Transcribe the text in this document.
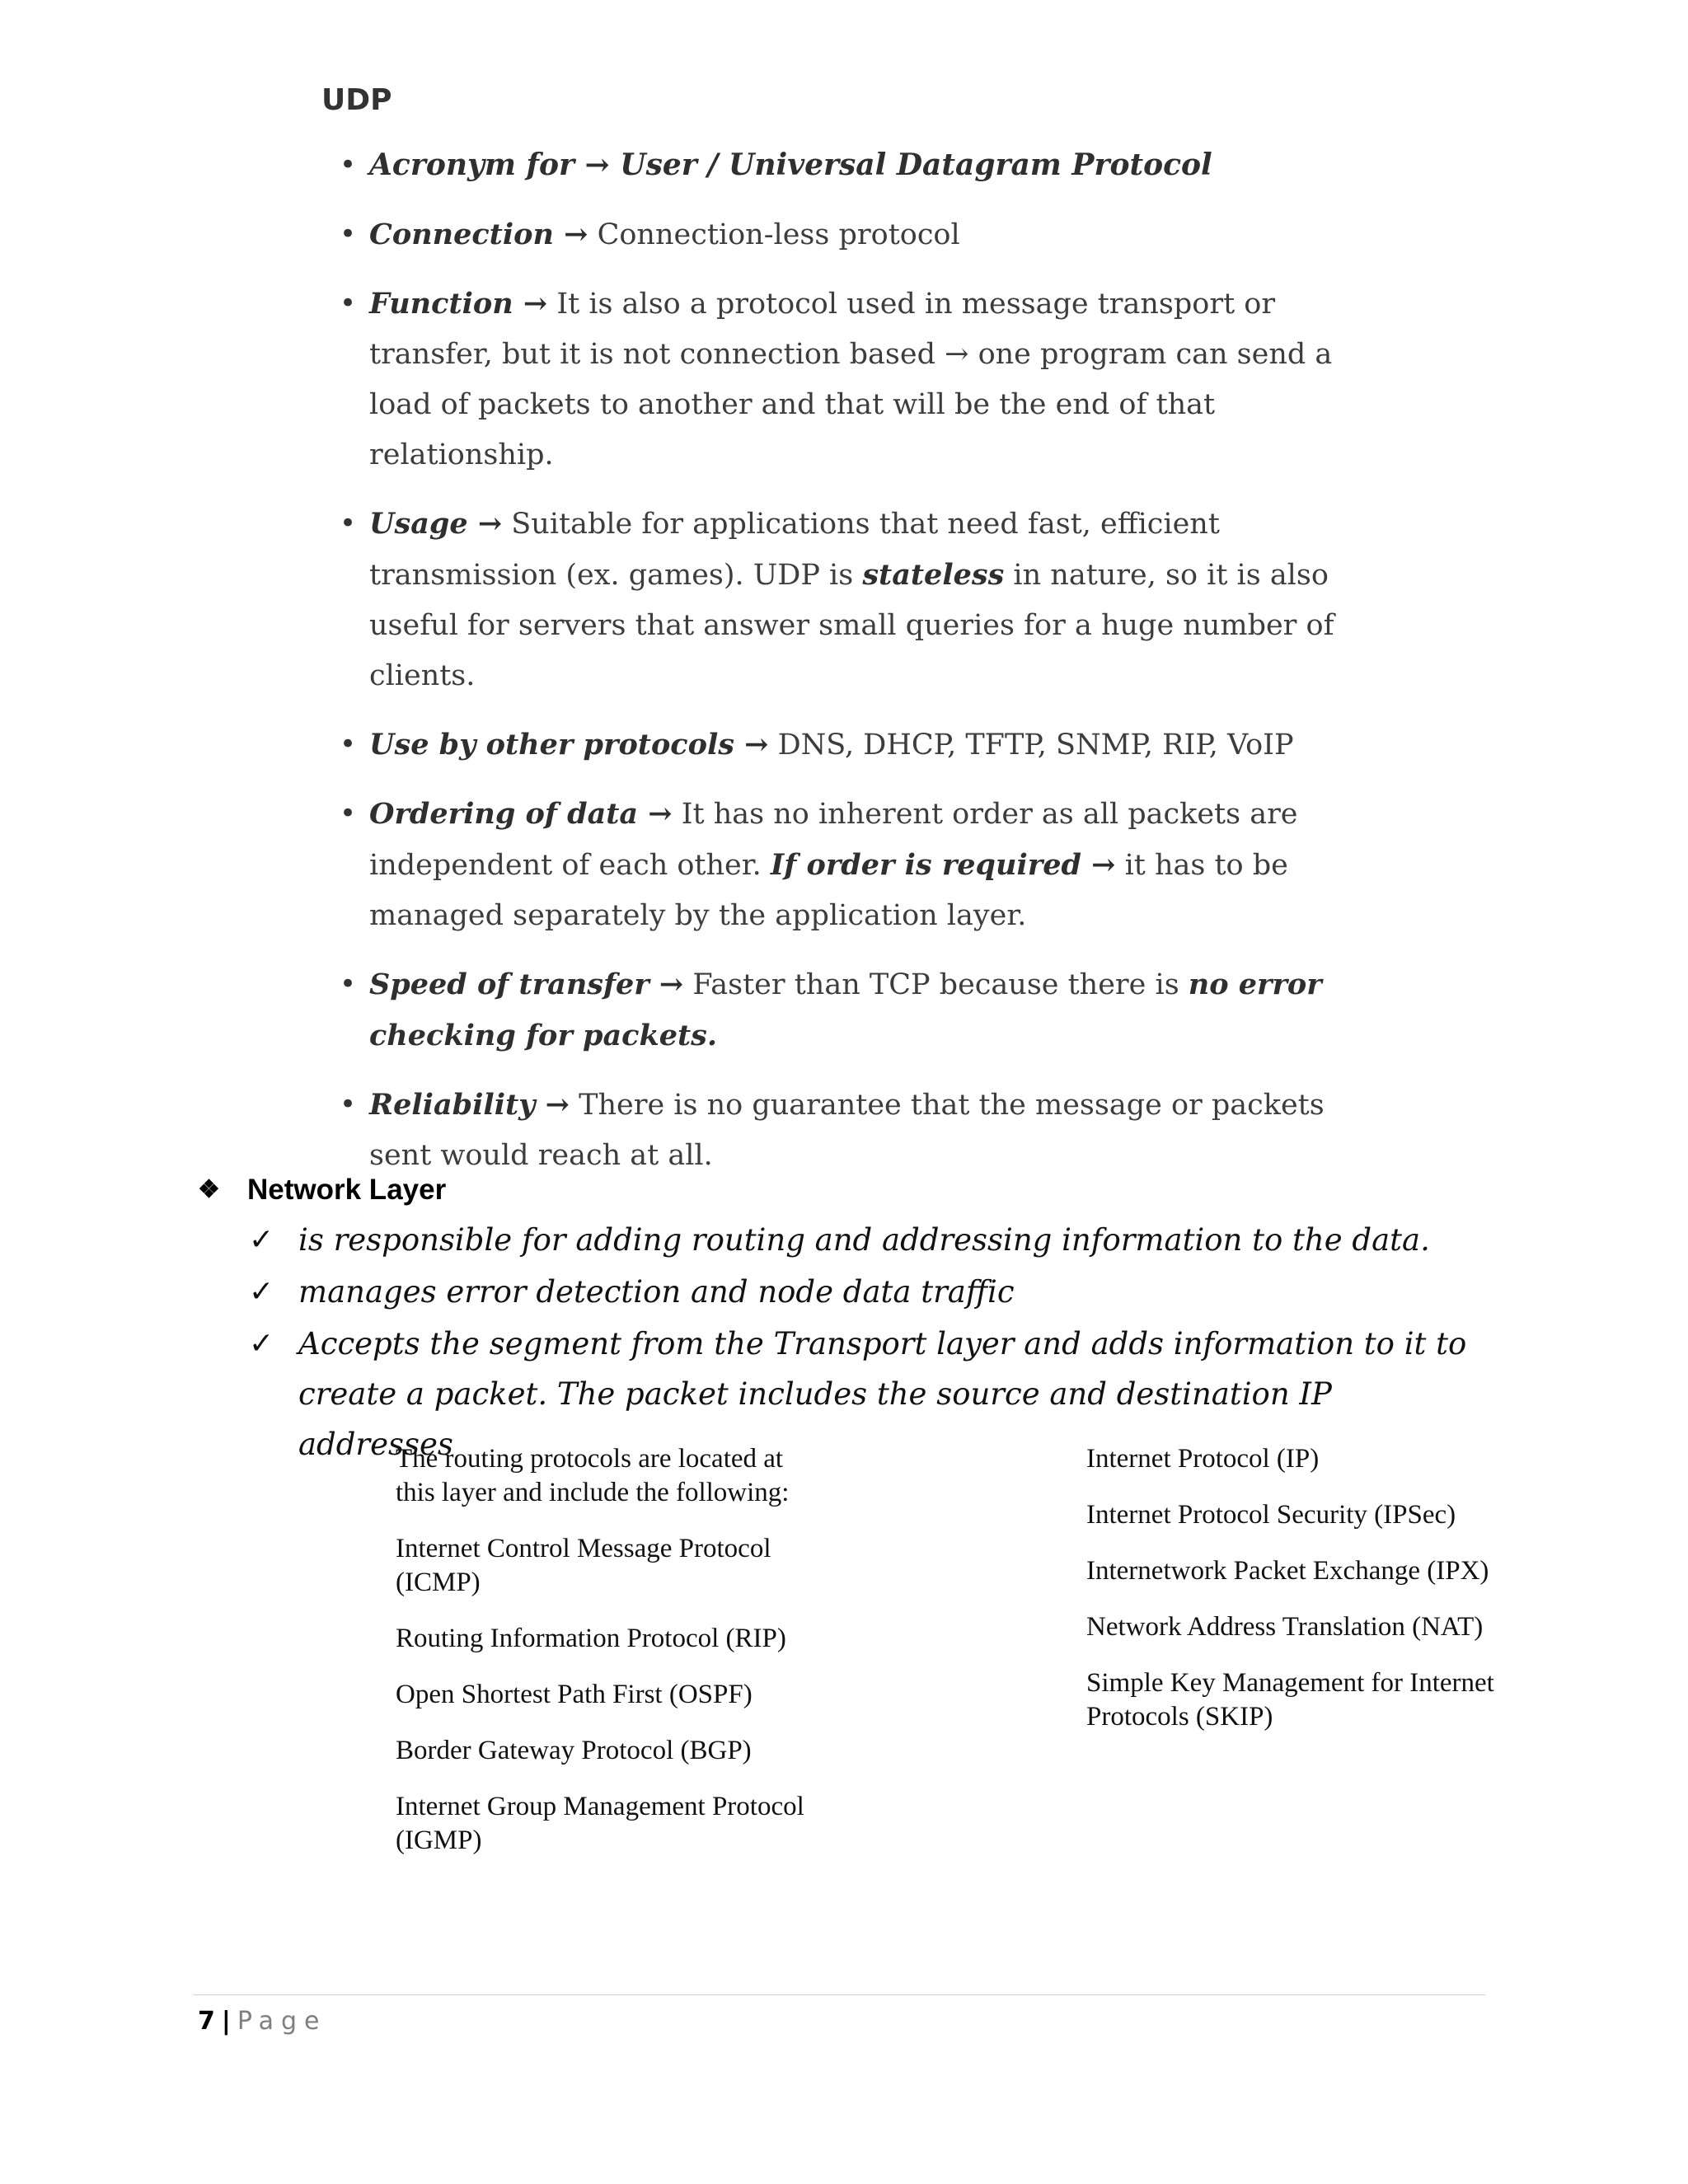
UDP
• Acronym for → User / Universal Datagram Protocol
• Connection → Connection-less protocol
• Function → It is also a protocol used in message transport or transfer, but it is not connection based → one program can send a load of packets to another and that will be the end of that relationship.
• Usage → Suitable for applications that need fast, efficient transmission (ex. games). UDP is stateless in nature, so it is also useful for servers that answer small queries for a huge number of clients.
• Use by other protocols → DNS, DHCP, TFTP, SNMP, RIP, VoIP
• Ordering of data → It has no inherent order as all packets are independent of each other. If order is required → it has to be managed separately by the application layer.
• Speed of transfer → Faster than TCP because there is no error checking for packets.
• Reliability → There is no guarantee that the message or packets sent would reach at all.
❖ Network Layer
✓ is responsible for adding routing and addressing information to the data.
✓ manages error detection and node data traffic
✓ Accepts the segment from the Transport layer and adds information to it to create a packet. The packet includes the source and destination IP addresses

The routing protocols are located at this layer and include the following:

Internet Control Message Protocol (ICMP)

Routing Information Protocol (RIP)

Open Shortest Path First (OSPF)

Border Gateway Protocol (BGP)

Internet Group Management Protocol (IGMP)

Internet Protocol (IP)

Internet Protocol Security (IPSec)

Internetwork Packet Exchange (IPX)

Network Address Translation (NAT)

Simple Key Management for Internet Protocols (SKIP)

7 | Page
